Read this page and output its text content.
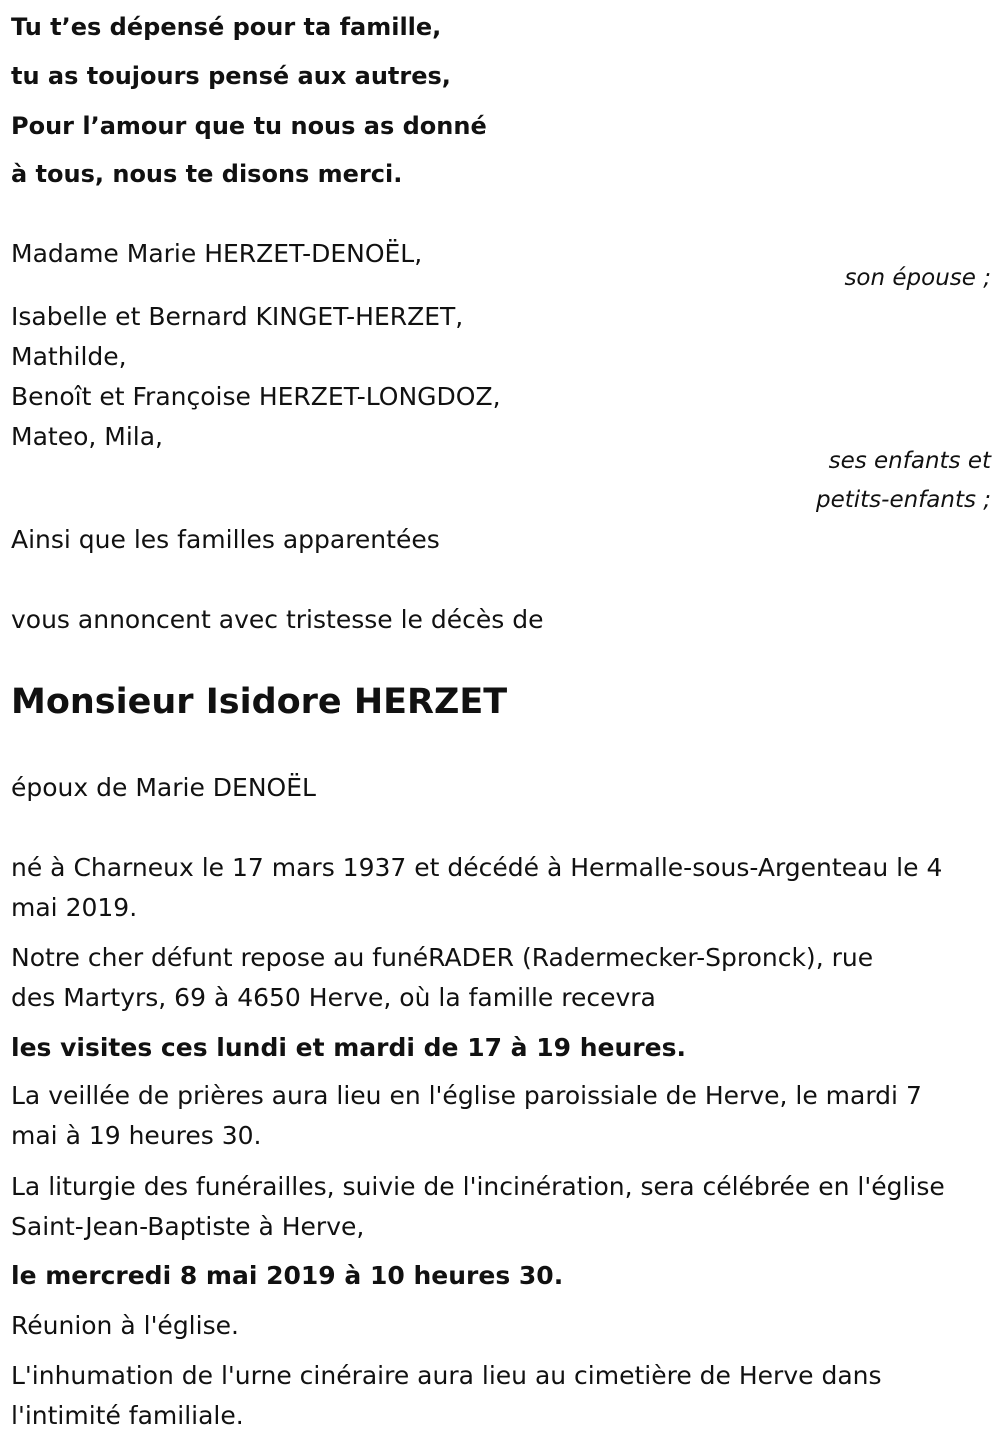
Tu t’es dépensé pour ta famille,
tu as toujours pensé aux autres,
Pour l’amour que tu nous as donné
à tous, nous te disons merci.
Madame Marie HERZET-DENOËL,
son épouse ;
Isabelle et Bernard KINGET-HERZET,
Mathilde,
Benoît et Françoise HERZET-LONGDOZ,
Mateo, Mila,
ses enfants et
petits-enfants ;
Ainsi que les familles apparentées
vous annoncent avec tristesse le décès de
Monsieur Isidore HERZET
époux de Marie DENOËL
né à Charneux le 17 mars 1937 et décédé à Hermalle-sous-Argenteau le 4
mai 2019.
Notre cher défunt repose au funéRADER (Radermecker-Spronck), rue
des Martyrs, 69 à 4650 Herve, où la famille recevra
les visites ces lundi et mardi de 17 à 19 heures.
La veillée de prières aura lieu en l'église paroissiale de Herve, le mardi 7
mai à 19 heures 30.
La liturgie des funérailles, suivie de l'incinération, sera célébrée en l'église
Saint-Jean-Baptiste à Herve,
le mercredi 8 mai 2019 à 10 heures 30.
Réunion à l'église.
L'inhumation de l'urne cinéraire aura lieu au cimetière de Herve dans
l'intimité familiale.
